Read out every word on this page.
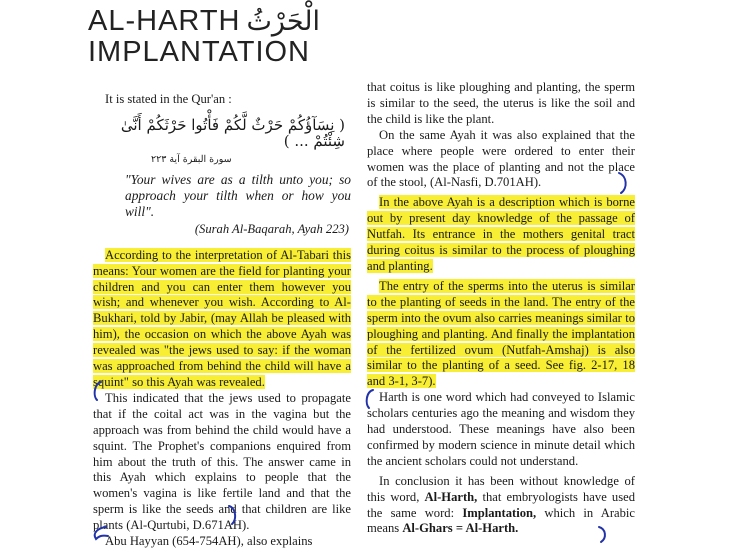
AL-HARTH الْحَرْثُ
IMPLANTATION

It is stated in the Qur'an :

( نِسَآؤُكُمْ حَرْثٌ لَّكُمْ فَأْتُوا حَرْثَكُمْ أَنَّىٰ شِئْتُمْ ... )

سورة البقرة آية ٢٢٣

"Your wives are as a tilth unto you; so approach your tilth when or how you will".

(Surah Al-Baqarah, Ayah 223)

According to the interpretation of Al-Tabari this means: Your women are the field for planting your children and you can enter them however you wish; and whenever you wish. According to Al-Bukhari, told by Jabir, (may Allah be pleased with him), the occasion on which the above Ayah was revealed was "the jews used to say: if the woman was approached from behind the child will have a squint" so this Ayah was revealed.

This indicated that the jews used to propagate that if the coital act was in the vagina but the approach was from behind the child would have a squint. The Prophet's companions enquired from him about the truth of this. The answer came in this Ayah which explains to people that the women's vagina is like fertile land and that the sperm is like the seeds and that children are like plants (Al-Qurtubi, D.671AH).

Abu Hayyan (654-754AH), also explains

that coitus is like ploughing and planting, the sperm is similar to the seed, the uterus is like the soil and the child is like the plant.

On the same Ayah it was also explained that the place where people were ordered to enter their women was the place of planting and not the place of the stool, (Al-Nasfi, D.701AH).

In the above Ayah is a description which is borne out by present day knowledge of the passage of Nutfah. Its entrance in the mothers genital tract during coitus is similar to the process of ploughing and planting.

The entry of the sperms into the uterus is similar to the planting of seeds in the land. The entry of the sperm into the ovum also carries meanings similar to ploughing and planting. And finally the implantation of the fertilized ovum (Nutfah-Amshaj) is also similar to the planting of a seed. See fig. 2-17, 18 and 3-1, 3-7).

Harth is one word which had conveyed to Islamic scholars centuries ago the meaning and wisdom they had understood. These meanings have also been confirmed by modern science in minute detail which the ancient scholars could not understand.

In conclusion it has been without knowledge of this word, Al-Harth, that embryologists have used the same word: Implantation, which in Arabic means Al-Ghars = Al-Harth.
